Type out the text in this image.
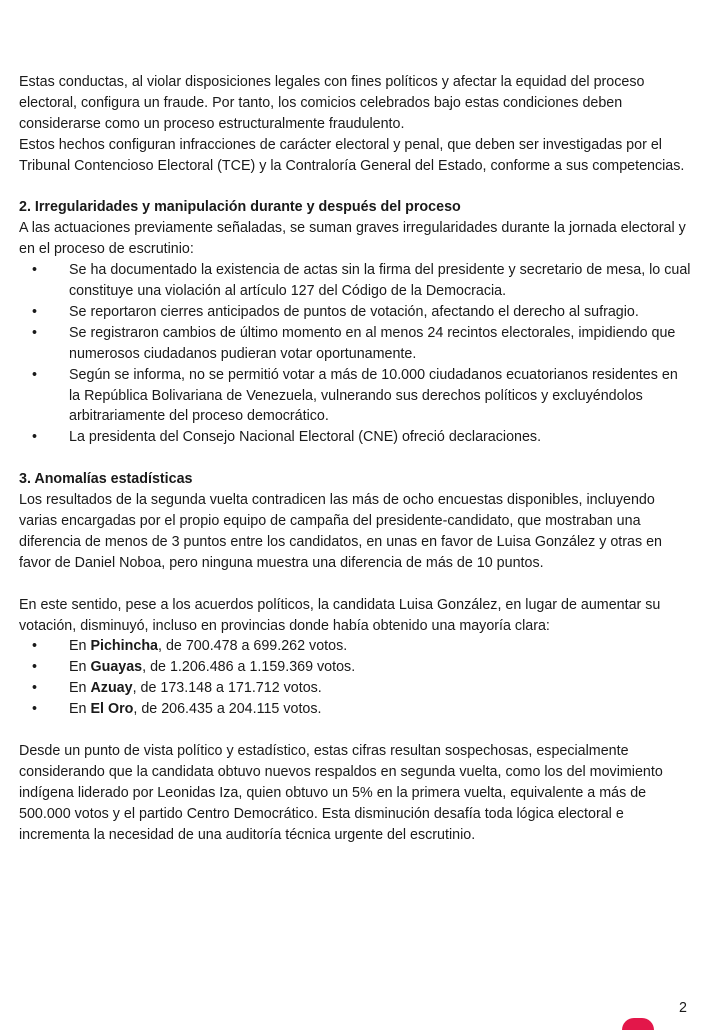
Estas conductas, al violar disposiciones legales con fines políticos y afectar la equidad del proceso electoral, configura un fraude. Por tanto, los comicios celebrados bajo estas condiciones deben considerarse como un proceso estructuralmente fraudulento.

Estos hechos configuran infracciones de carácter electoral y penal, que deben ser investigadas por el Tribunal Contencioso Electoral (TCE) y la Contraloría General del Estado, conforme a sus competencias.

2. Irregularidades y manipulación durante y después del proceso

A las actuaciones previamente señaladas, se suman graves irregularidades durante la jornada electoral y en el proceso de escrutinio:

• Se ha documentado la existencia de actas sin la firma del presidente y secretario de mesa, lo cual constituye una violación al artículo 127 del Código de la Democracia.
• Se reportaron cierres anticipados de puntos de votación, afectando el derecho al sufragio.
• Se registraron cambios de último momento en al menos 24 recintos electorales, impidiendo que numerosos ciudadanos pudieran votar oportunamente.
• Según se informa, no se permitió votar a más de 10.000 ciudadanos ecuatorianos residentes en la República Bolivariana de Venezuela, vulnerando sus derechos políticos y excluyéndolos arbitrariamente del proceso democrático.
• La presidenta del Consejo Nacional Electoral (CNE) ofreció declaraciones.
3. Anomalías estadísticas

Los resultados de la segunda vuelta contradicen las más de ocho encuestas disponibles, incluyendo varias encargadas por el propio equipo de campaña del presidente-candidato, que mostraban una diferencia de menos de 3 puntos entre los candidatos, en unas en favor de Luisa González y otras en favor de Daniel Noboa, pero ninguna muestra una diferencia de más de 10 puntos.

En este sentido, pese a los acuerdos políticos, la candidata Luisa González, en lugar de aumentar su votación, disminuyó, incluso en provincias donde había obtenido una mayoría clara:

• En Pichincha, de 700.478 a 699.262 votos.
• En Guayas, de 1.206.486 a 1.159.369 votos.
• En Azuay, de 173.148 a 171.712 votos.
• En El Oro, de 206.435 a 204.115 votos.

Desde un punto de vista político y estadístico, estas cifras resultan sospechosas, especialmente considerando que la candidata obtuvo nuevos respaldos en segunda vuelta, como los del movimiento indígena liderado por Leonidas Iza, quien obtuvo un 5% en la primera vuelta, equivalente a más de 500.000 votos y el partido Centro Democrático. Esta disminución desafía toda lógica electoral e incrementa la necesidad de una auditoría técnica urgente del escrutinio.

2
